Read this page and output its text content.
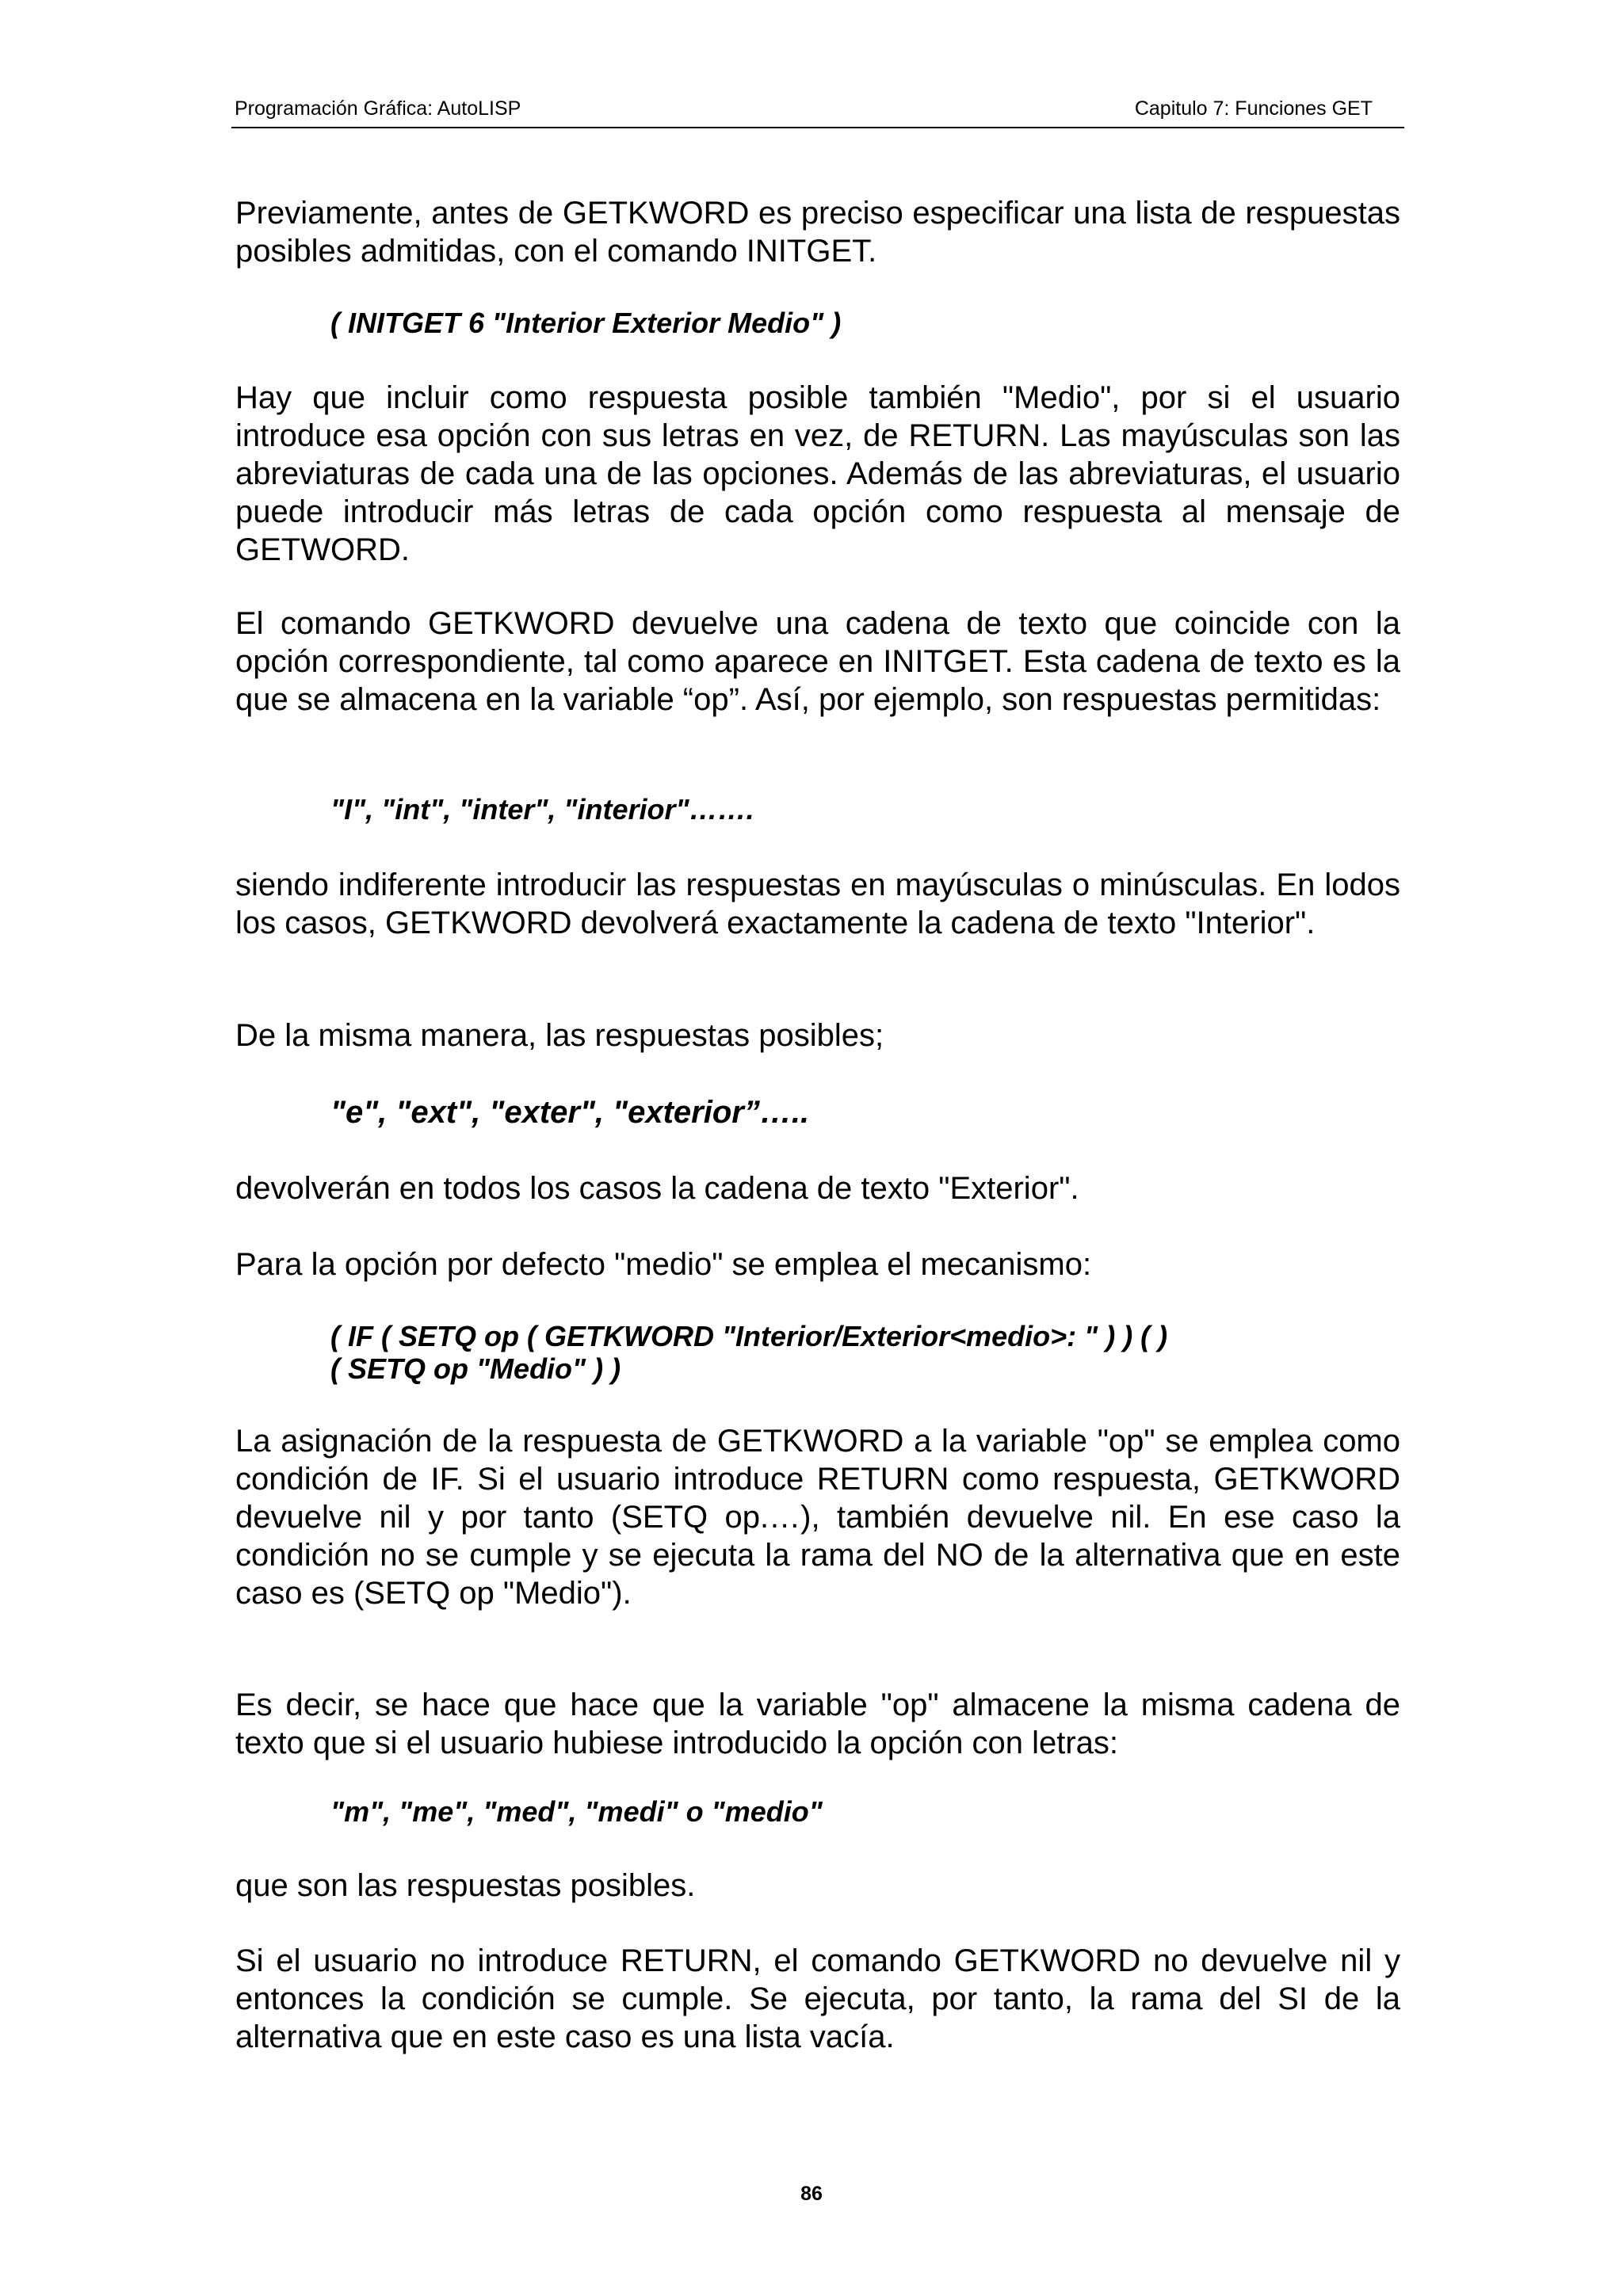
Programación Gráfica: AutoLISP	Capitulo 7: Funciones GET

Previamente, antes de GETKWORD es preciso especificar una lista de respuestas posibles admitidas, con el comando INITGET.

( INITGET 6 "Interior Exterior Medio" )

Hay que incluir como respuesta posible también "Medio", por si el usuario introduce esa opción con sus letras en vez, de RETURN. Las mayúsculas son las abreviaturas de cada una de las opciones. Además de las abreviaturas, el usuario puede introducir más letras de cada opción como respuesta al mensaje de GETWORD.

El comando GETKWORD devuelve una cadena de texto que coincide con la opción correspondiente, tal como aparece en INITGET. Esta cadena de texto es la que se almacena en la variable “op”. Así, por ejemplo, son respuestas permitidas:

"I", "int", "inter", "interior"…….

siendo indiferente introducir las respuestas en mayúsculas o minúsculas. En lodos los casos, GETKWORD devolverá exactamente la cadena de texto "Interior".

De la misma manera, las respuestas posibles;

"e", "ext", "exter", "exterior”…..

devolverán en todos los casos la cadena de texto "Exterior".

Para la opción por defecto "medio" se emplea el mecanismo:

( IF ( SETQ op ( GETKWORD "Interior/Exterior<medio>: " ) ) ( )
( SETQ op "Medio" ) )

La asignación de la respuesta de GETKWORD a la variable "op" se emplea como condición de IF. Si el usuario introduce RETURN como respuesta, GETKWORD devuelve nil y por tanto (SETQ op.…), también devuelve nil. En ese caso la condición no se cumple y se ejecuta la rama del NO de la alternativa que en este caso es (SETQ op "Medio").

Es decir, se hace que hace que la variable "op" almacene la misma cadena de texto que si el usuario hubiese introducido la opción con letras:

"m", "me", "med", "medi" o "medio"

que son las respuestas posibles.

Si el usuario no introduce RETURN, el comando GETKWORD no devuelve nil y entonces la condición se cumple. Se ejecuta, por tanto, la rama del SI de la alternativa que en este caso es una lista vacía.

86
